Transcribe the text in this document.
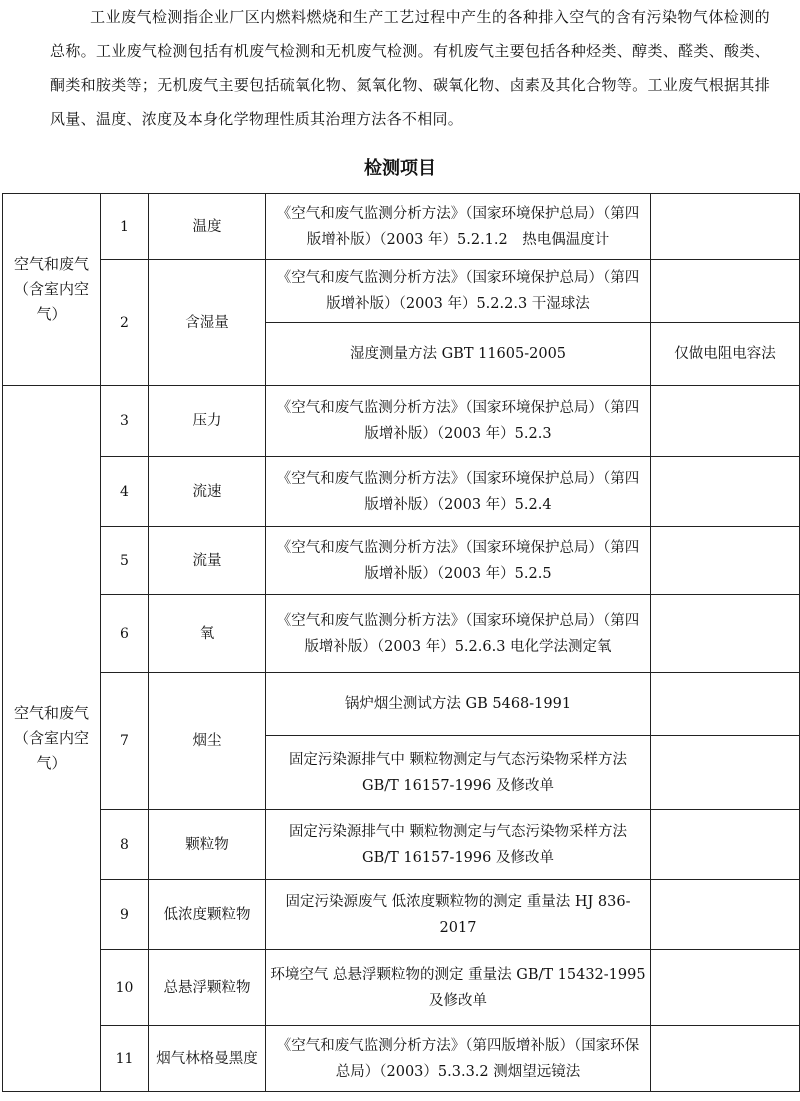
工业废气检测指企业厂区内燃料燃烧和生产工艺过程中产生的各种排入空气的含有污染物气体检测的总称。工业废气检测包括有机废气检测和无机废气检测。有机废气主要包括各种烃类、醇类、醛类、酸类、酮类和胺类等；无机废气主要包括硫氧化物、氮氧化物、碳氧化物、卤素及其化合物等。工业废气根据其排风量、温度、浓度及本身化学物理性质其治理方法各不相同。

检测项目
空气和废气（含室内空气）	1	温度	《空气和废气监测分析方法》（国家环境保护总局）（第四版增补版）（2003 年）5.2.1.2　热电偶温度计	
	2	含湿量	《空气和废气监测分析方法》（国家环境保护总局）（第四版增补版）（2003 年）5.2.2.3 干湿球法	
			湿度测量方法 GBT 11605-2005	仅做电阻电容法
空气和废气（含室内空气）	3	压力	《空气和废气监测分析方法》（国家环境保护总局）（第四版增补版）（2003 年）5.2.3	
	4	流速	《空气和废气监测分析方法》（国家环境保护总局）（第四版增补版）（2003 年）5.2.4	
	5	流量	《空气和废气监测分析方法》（国家环境保护总局）（第四版增补版）（2003 年）5.2.5	
	6	氧	《空气和废气监测分析方法》（国家环境保护总局）（第四版增补版）（2003 年）5.2.6.3 电化学法测定氧	
	7	烟尘	锅炉烟尘测试方法 GB 5468-1991	
			固定污染源排气中 颗粒物测定与气态污染物采样方法 GB/T 16157-1996 及修改单	
	8	颗粒物	固定污染源排气中 颗粒物测定与气态污染物采样方法 GB/T 16157-1996 及修改单	
	9	低浓度颗粒物	固定污染源废气 低浓度颗粒物的测定 重量法 HJ 836-2017	
	10	总悬浮颗粒物	环境空气 总悬浮颗粒物的测定 重量法 GB/T 15432-1995 及修改单	
	11	烟气林格曼黑度	《空气和废气监测分析方法》（第四版增补版）（国家环保总局）（2003）5.3.3.2 测烟望远镜法	
